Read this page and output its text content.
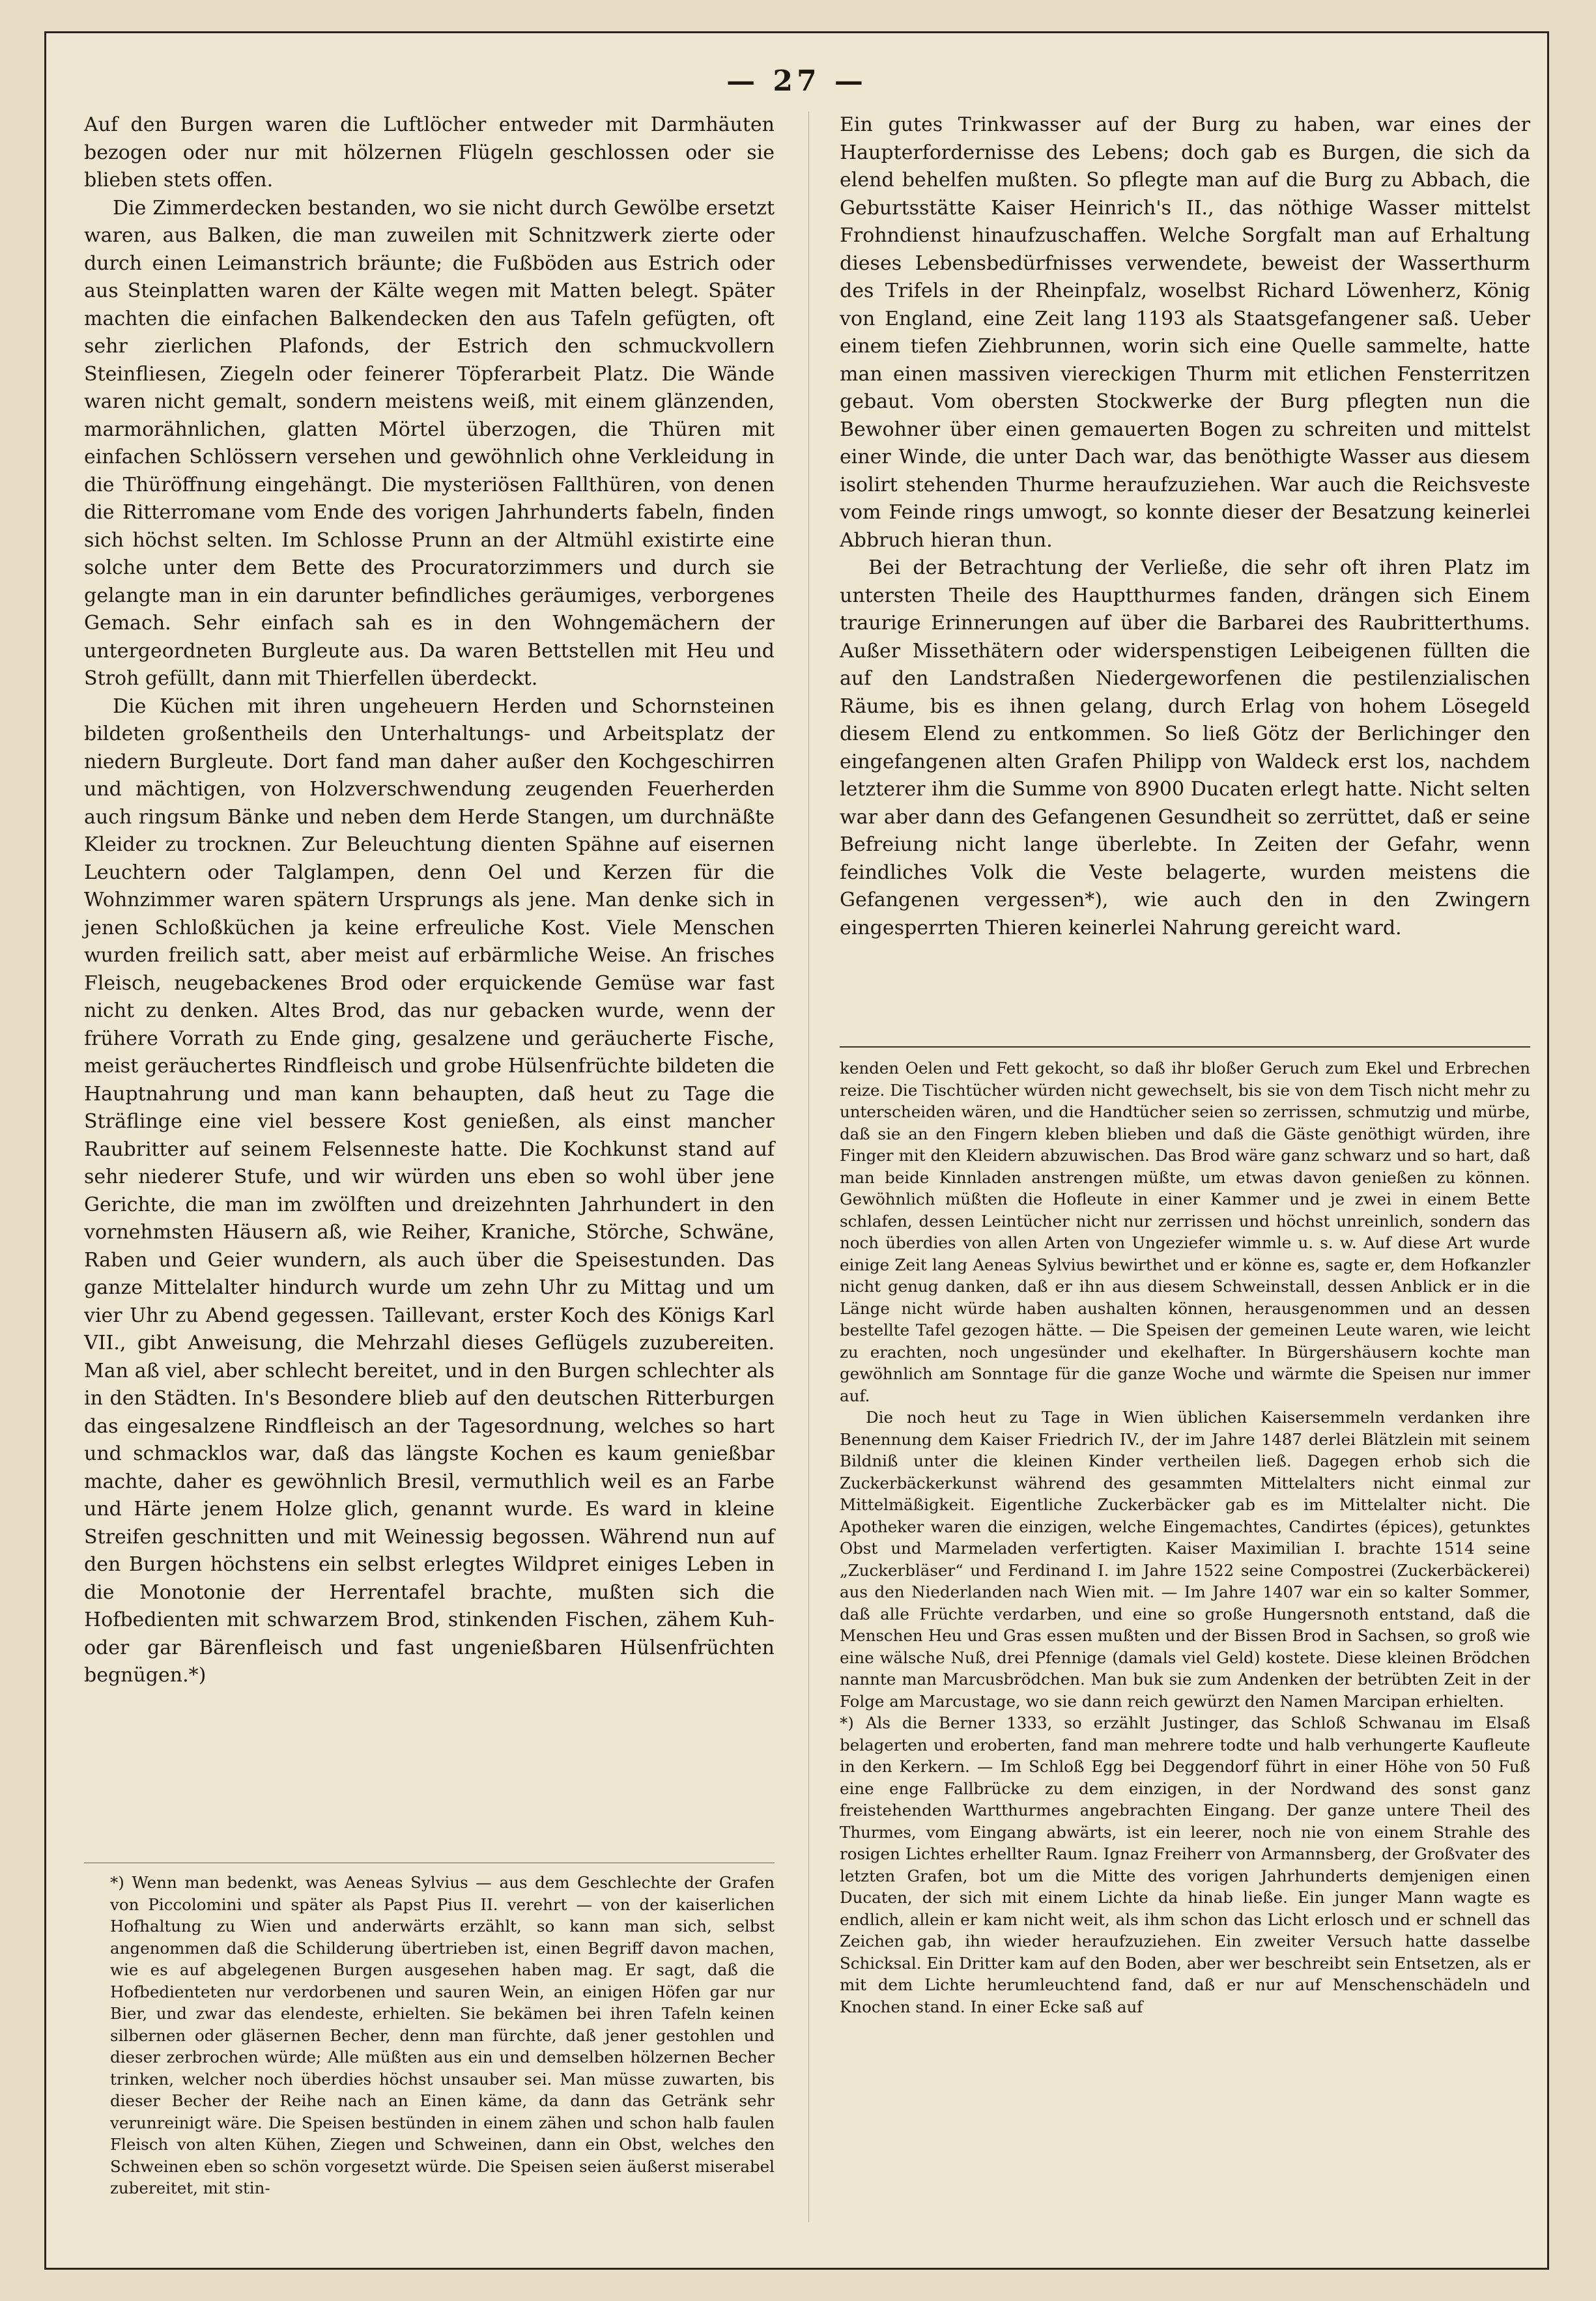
— 27 —

Auf den Burgen waren die Luftlöcher entweder mit Darmhäuten bezogen oder nur mit hölzernen Flügeln geschlossen oder sie blieben stets offen.

Die Zimmerdecken bestanden, wo sie nicht durch Gewölbe ersetzt waren, aus Balken, die man zuweilen mit Schnitzwerk zierte oder durch einen Leimanstrich bräunte; die Fußböden aus Estrich oder aus Steinplatten waren der Kälte wegen mit Matten belegt. Später machten die einfachen Balkendecken den aus Tafeln gefügten, oft sehr zierlichen Plafonds, der Estrich den schmuckvollern Steinfliesen, Ziegeln oder feinerer Töpferarbeit Platz. Die Wände waren nicht gemalt, sondern meistens weiß, mit einem glänzenden, marmorähnlichen, glatten Mörtel überzogen, die Thüren mit einfachen Schlössern versehen und gewöhnlich ohne Verkleidung in die Thüröffnung eingehängt. Die mysteriösen Fallthüren, von denen die Ritterromane vom Ende des vorigen Jahrhunderts fabeln, finden sich höchst selten. Im Schlosse Prunn an der Altmühl existirte eine solche unter dem Bette des Procuratorzimmers und durch sie gelangte man in ein darunter befindliches geräumiges, verborgenes Gemach. Sehr einfach sah es in den Wohngemächern der untergeordneten Burgleute aus. Da waren Bettstellen mit Heu und Stroh gefüllt, dann mit Thierfellen überdeckt.

Die Küchen mit ihren ungeheuern Herden und Schornsteinen bildeten großentheils den Unterhaltungs- und Arbeitsplatz der niedern Burgleute. Dort fand man daher außer den Kochgeschirren und mächtigen, von Holzverschwendung zeugenden Feuerherden auch ringsum Bänke und neben dem Herde Stangen, um durchnäßte Kleider zu trocknen. Zur Beleuchtung dienten Spähne auf eisernen Leuchtern oder Talglampen, denn Oel und Kerzen für die Wohnzimmer waren spätern Ursprungs als jene. Man denke sich in jenen Schloßküchen ja keine erfreuliche Kost. Viele Menschen wurden freilich satt, aber meist auf erbärmliche Weise. An frisches Fleisch, neugebackenes Brod oder erquickende Gemüse war fast nicht zu denken. Altes Brod, das nur gebacken wurde, wenn der frühere Vorrath zu Ende ging, gesalzene und geräucherte Fische, meist geräuchertes Rindfleisch und grobe Hülsenfrüchte bildeten die Hauptnahrung und man kann behaupten, daß heut zu Tage die Sträflinge eine viel bessere Kost genießen, als einst mancher Raubritter auf seinem Felsenneste hatte. Die Kochkunst stand auf sehr niederer Stufe, und wir würden uns eben so wohl über jene Gerichte, die man im zwölften und dreizehnten Jahrhundert in den vornehmsten Häusern aß, wie Reiher, Kraniche, Störche, Schwäne, Raben und Geier wundern, als auch über die Speisestunden. Das ganze Mittelalter hindurch wurde um zehn Uhr zu Mittag und um vier Uhr zu Abend gegessen. Taillevant, erster Koch des Königs Karl VII., gibt Anweisung, die Mehrzahl dieses Geflügels zuzubereiten. Man aß viel, aber schlecht bereitet, und in den Burgen schlechter als in den Städten. In's Besondere blieb auf den deutschen Ritterburgen das eingesalzene Rindfleisch an der Tagesordnung, welches so hart und schmacklos war, daß das längste Kochen es kaum genießbar machte, daher es gewöhnlich Bresil, vermuthlich weil es an Farbe und Härte jenem Holze glich, genannt wurde. Es ward in kleine Streifen geschnitten und mit Weinessig begossen. Während nun auf den Burgen höchstens ein selbst erlegtes Wildpret einiges Leben in die Monotonie der Herrentafel brachte, mußten sich die Hofbedienten mit schwarzem Brod, stinkenden Fischen, zähem Kuh- oder gar Bärenfleisch und fast ungenießbaren Hülsenfrüchten begnügen.*)

*) Wenn man bedenkt, was Aeneas Sylvius — aus dem Geschlechte der Grafen von Piccolomini und später als Papst Pius II. verehrt — von der kaiserlichen Hofhaltung zu Wien und anderwärts erzählt, so kann man sich, selbst angenommen daß die Schilderung übertrieben ist, einen Begriff davon machen, wie es auf abgelegenen Burgen ausgesehen haben mag. Er sagt, daß die Hofbedienteten nur verdorbenen und sauren Wein, an einigen Höfen gar nur Bier, und zwar das elendeste, erhielten. Sie bekämen bei ihren Tafeln keinen silbernen oder gläsernen Becher, denn man fürchte, daß jener gestohlen und dieser zerbrochen würde; Alle müßten aus ein und demselben hölzernen Becher trinken, welcher noch überdies höchst unsauber sei. Man müsse zuwarten, bis dieser Becher der Reihe nach an Einen käme, da dann das Getränk sehr verunreinigt wäre. Die Speisen bestünden in einem zähen und schon halb faulen Fleisch von alten Kühen, Ziegen und Schweinen, dann ein Obst, welches den Schweinen eben so schön vorgesetzt würde. Die Speisen seien äußerst miserabel zubereitet, mit stin-

Ein gutes Trinkwasser auf der Burg zu haben, war eines der Haupterfordernisse des Lebens; doch gab es Burgen, die sich da elend behelfen mußten. So pflegte man auf die Burg zu Abbach, die Geburtsstätte Kaiser Heinrich's II., das nöthige Wasser mittelst Frohndienst hinaufzuschaffen. Welche Sorgfalt man auf Erhaltung dieses Lebensbedürfnisses verwendete, beweist der Wasserthurm des Trifels in der Rheinpfalz, woselbst Richard Löwenherz, König von England, eine Zeit lang 1193 als Staatsgefangener saß. Ueber einem tiefen Ziehbrunnen, worin sich eine Quelle sammelte, hatte man einen massiven viereckigen Thurm mit etlichen Fensterritzen gebaut. Vom obersten Stockwerke der Burg pflegten nun die Bewohner über einen gemauerten Bogen zu schreiten und mittelst einer Winde, die unter Dach war, das benöthigte Wasser aus diesem isolirt stehenden Thurme heraufzuziehen. War auch die Reichsveste vom Feinde rings umwogt, so konnte dieser der Besatzung keinerlei Abbruch hieran thun.

Bei der Betrachtung der Verließe, die sehr oft ihren Platz im untersten Theile des Hauptthurmes fanden, drängen sich Einem traurige Erinnerungen auf über die Barbarei des Raubritterthums. Außer Missethätern oder widerspenstigen Leibeigenen füllten die auf den Landstraßen Niedergeworfenen die pestilenzialischen Räume, bis es ihnen gelang, durch Erlag von hohem Lösegeld diesem Elend zu entkommen. So ließ Götz der Berlichinger den eingefangenen alten Grafen Philipp von Waldeck erst los, nachdem letzterer ihm die Summe von 8900 Ducaten erlegt hatte. Nicht selten war aber dann des Gefangenen Gesundheit so zerrüttet, daß er seine Befreiung nicht lange überlebte. In Zeiten der Gefahr, wenn feindliches Volk die Veste belagerte, wurden meistens die Gefangenen vergessen*), wie auch den in den Zwingern eingesperrten Thieren keinerlei Nahrung gereicht ward.

kenden Oelen und Fett gekocht, so daß ihr bloßer Geruch zum Ekel und Erbrechen reize. Die Tischtücher würden nicht gewechselt, bis sie von dem Tisch nicht mehr zu unterscheiden wären, und die Handtücher seien so zerrissen, schmutzig und mürbe, daß sie an den Fingern kleben blieben und daß die Gäste genöthigt würden, ihre Finger mit den Kleidern abzuwischen. Das Brod wäre ganz schwarz und so hart, daß man beide Kinnladen anstrengen müßte, um etwas davon genießen zu können. Gewöhnlich müßten die Hofleute in einer Kammer und je zwei in einem Bette schlafen, dessen Leintücher nicht nur zerrissen und höchst unreinlich, sondern das noch überdies von allen Arten von Ungeziefer wimmle u. s. w. Auf diese Art wurde einige Zeit lang Aeneas Sylvius bewirthet und er könne es, sagte er, dem Hofkanzler nicht genug danken, daß er ihn aus diesem Schweinstall, dessen Anblick er in die Länge nicht würde haben aushalten können, herausgenommen und an dessen bestellte Tafel gezogen hätte. — Die Speisen der gemeinen Leute waren, wie leicht zu erachten, noch ungesünder und ekelhafter. In Bürgershäusern kochte man gewöhnlich am Sonntage für die ganze Woche und wärmte die Speisen nur immer auf.

Die noch heut zu Tage in Wien üblichen Kaisersemmeln verdanken ihre Benennung dem Kaiser Friedrich IV., der im Jahre 1487 derlei Blätzlein mit seinem Bildniß unter die kleinen Kinder vertheilen ließ. Dagegen erhob sich die Zuckerbäckerkunst während des gesammten Mittelalters nicht einmal zur Mittelmäßigkeit. Eigentliche Zuckerbäcker gab es im Mittelalter nicht. Die Apotheker waren die einzigen, welche Eingemachtes, Candirtes (épices), getunktes Obst und Marmeladen verfertigten. Kaiser Maximilian I. brachte 1514 seine „Zuckerbläser“ und Ferdinand I. im Jahre 1522 seine Compostrei (Zuckerbäckerei) aus den Niederlanden nach Wien mit. — Im Jahre 1407 war ein so kalter Sommer, daß alle Früchte verdarben, und eine so große Hungersnoth entstand, daß die Menschen Heu und Gras essen mußten und der Bissen Brod in Sachsen, so groß wie eine wälsche Nuß, drei Pfennige (damals viel Geld) kostete. Diese kleinen Brödchen nannte man Marcusbrödchen. Man buk sie zum Andenken der betrübten Zeit in der Folge am Marcustage, wo sie dann reich gewürzt den Namen Marcipan erhielten.

*) Als die Berner 1333, so erzählt Justinger, das Schloß Schwanau im Elsaß belagerten und eroberten, fand man mehrere todte und halb verhungerte Kaufleute in den Kerkern. — Im Schloß Egg bei Deggendorf führt in einer Höhe von 50 Fuß eine enge Fallbrücke zu dem einzigen, in der Nordwand des sonst ganz freistehenden Wartthurmes angebrachten Eingang. Der ganze untere Theil des Thurmes, vom Eingang abwärts, ist ein leerer, noch nie von einem Strahle des rosigen Lichtes erhellter Raum. Ignaz Freiherr von Armannsberg, der Großvater des letzten Grafen, bot um die Mitte des vorigen Jahrhunderts demjenigen einen Ducaten, der sich mit einem Lichte da hinab ließe. Ein junger Mann wagte es endlich, allein er kam nicht weit, als ihm schon das Licht erlosch und er schnell das Zeichen gab, ihn wieder heraufzuziehen. Ein zweiter Versuch hatte dasselbe Schicksal. Ein Dritter kam auf den Boden, aber wer beschreibt sein Entsetzen, als er mit dem Lichte herumleuchtend fand, daß er nur auf Menschenschädeln und Knochen stand. In einer Ecke saß auf
